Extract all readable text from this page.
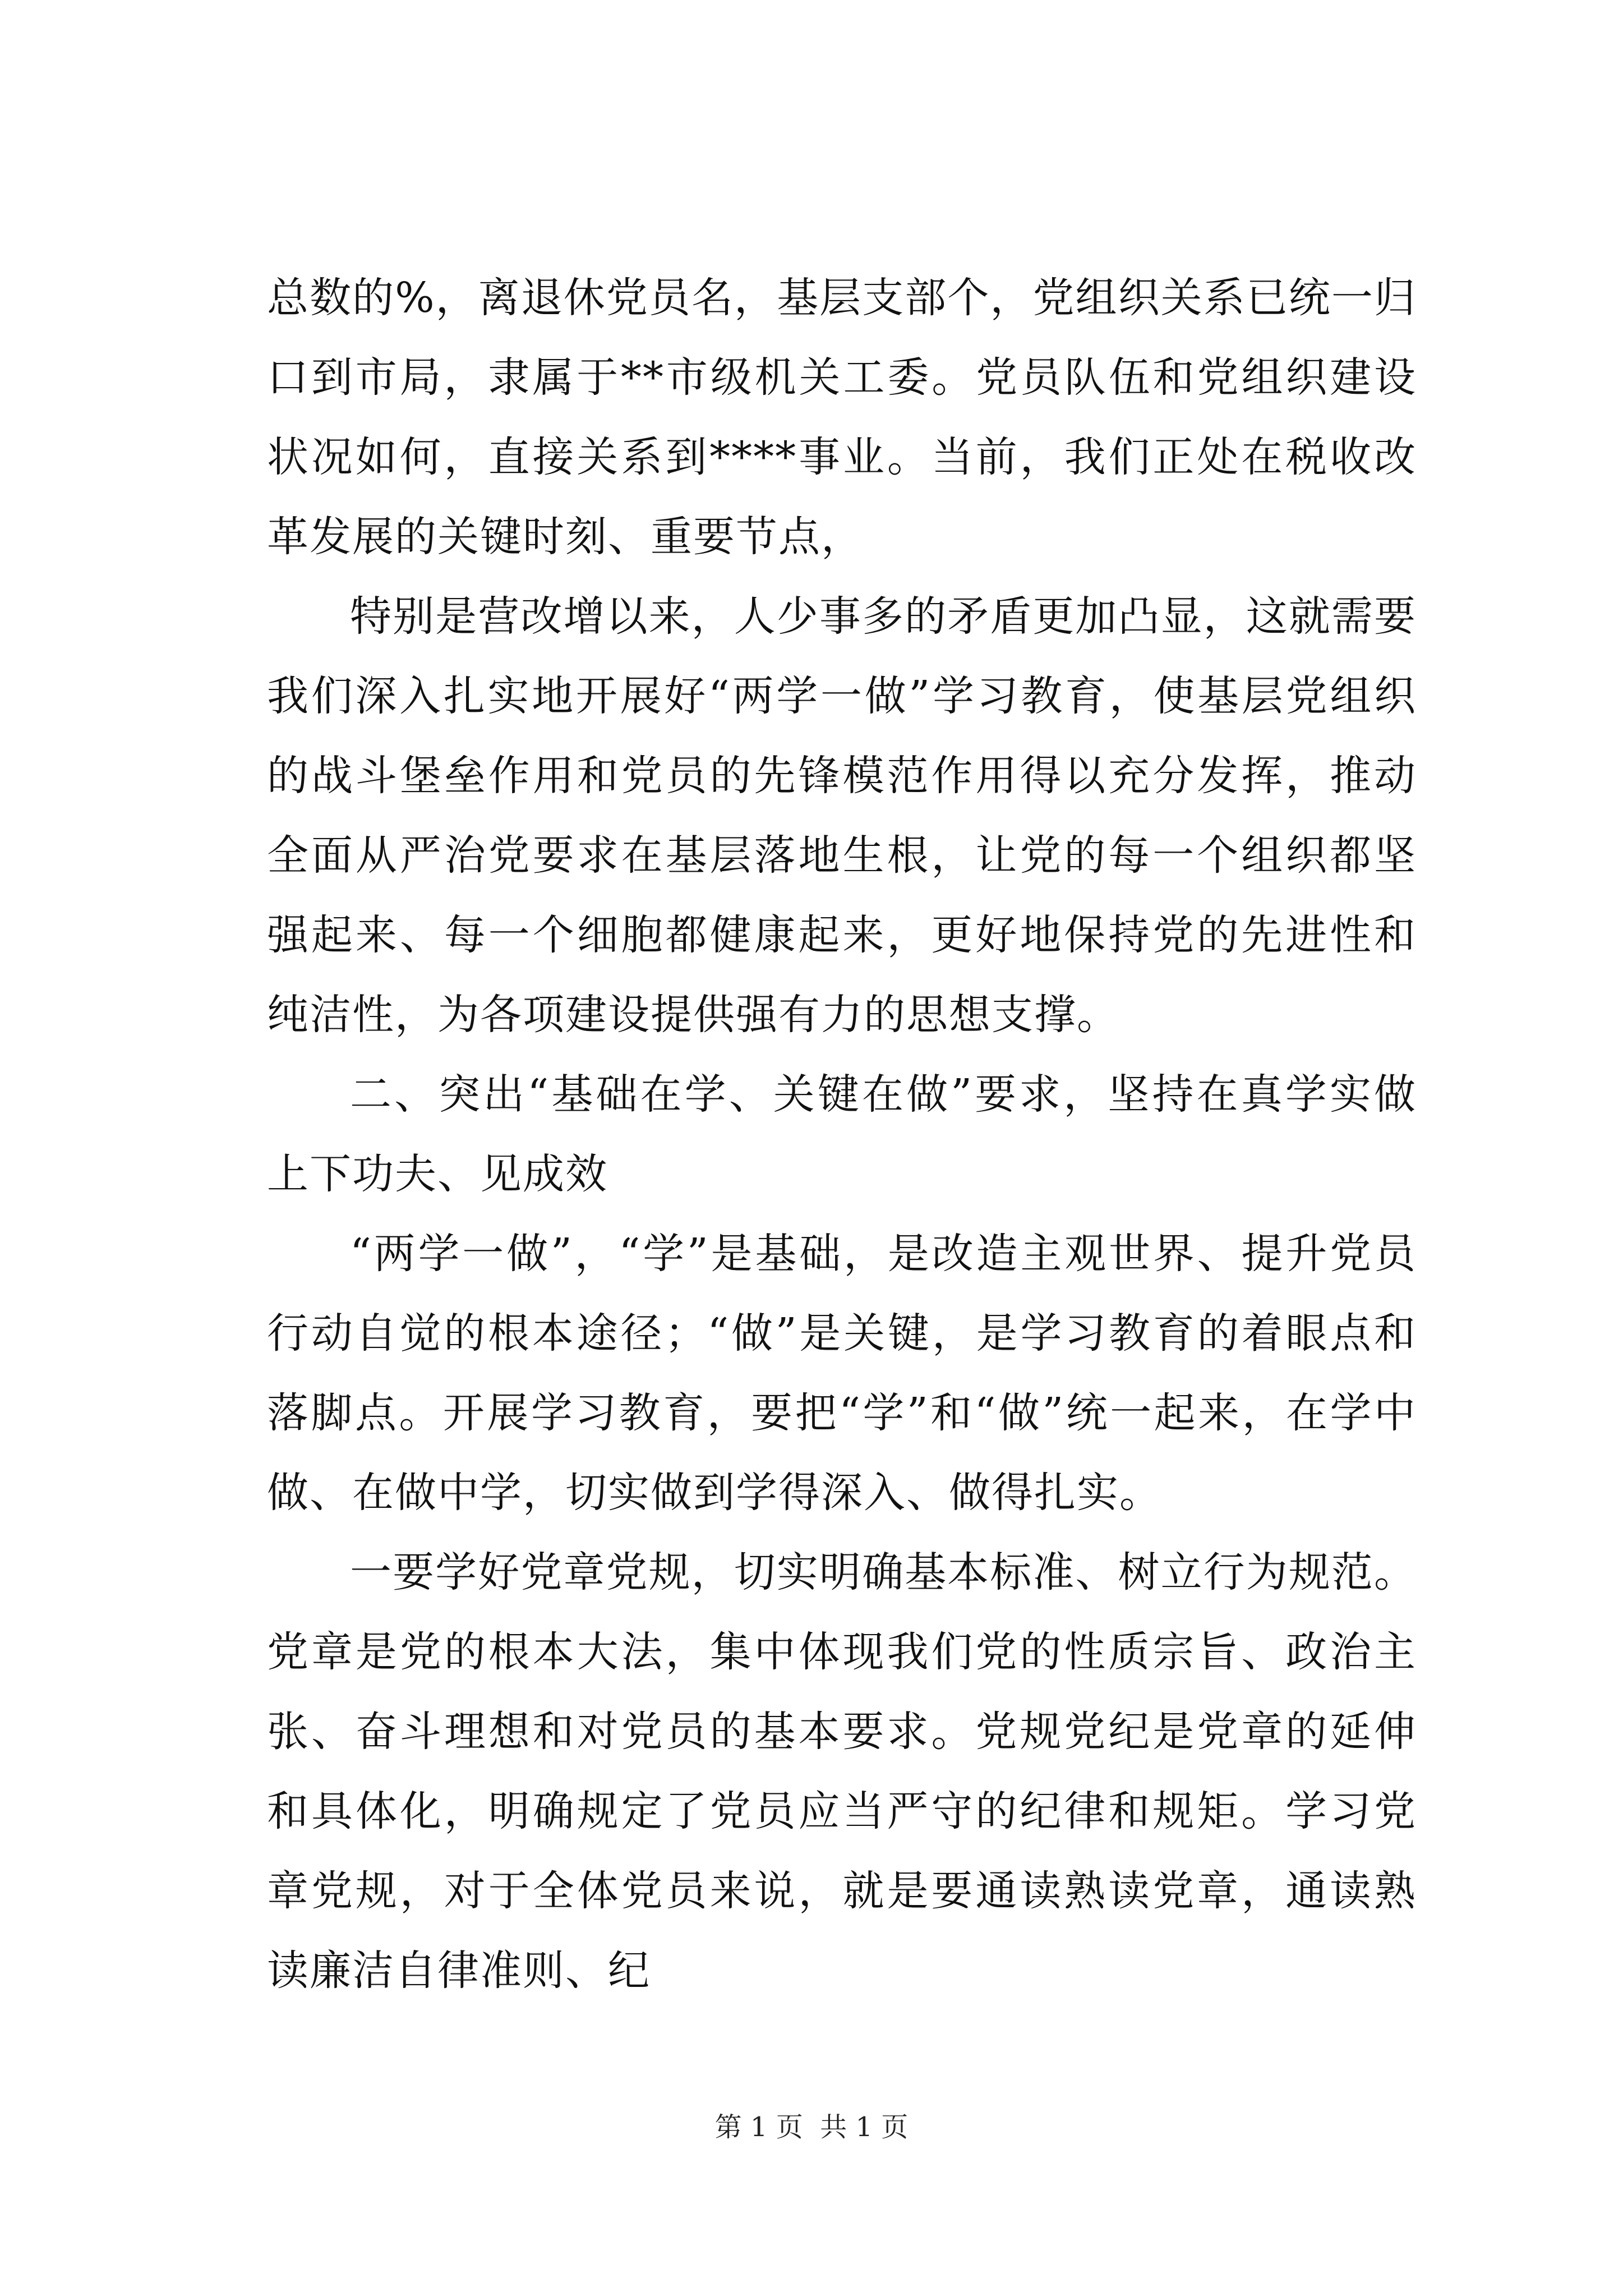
总数的%，离退休党员名，基层支部个，党组织关系已统一归口到市局，隶属于**市级机关工委。党员队伍和党组织建设状况如何，直接关系到****事业。当前，我们正处在税收改革发展的关键时刻、重要节点，

特别是营改增以来，人少事多的矛盾更加凸显，这就需要我们深入扎实地开展好“两学一做”学习教育，使基层党组织的战斗堡垒作用和党员的先锋模范作用得以充分发挥，推动全面从严治党要求在基层落地生根，让党的每一个组织都坚强起来、每一个细胞都健康起来，更好地保持党的先进性和纯洁性，为各项建设提供强有力的思想支撑。

二、突出“基础在学、关键在做”要求，坚持在真学实做上下功夫、见成效

“两学一做”，“学”是基础，是改造主观世界、提升党员行动自觉的根本途径；“做”是关键，是学习教育的着眼点和落脚点。开展学习教育，要把“学”和“做”统一起来，在学中做、在做中学，切实做到学得深入、做得扎实。

一要学好党章党规，切实明确基本标准、树立行为规范。党章是党的根本大法，集中体现我们党的性质宗旨、政治主张、奋斗理想和对党员的基本要求。党规党纪是党章的延伸和具体化，明确规定了党员应当严守的纪律和规矩。学习党章党规，对于全体党员来说，就是要通读熟读党章，通读熟读廉洁自律准则、纪

第 1 页  共 1 页
